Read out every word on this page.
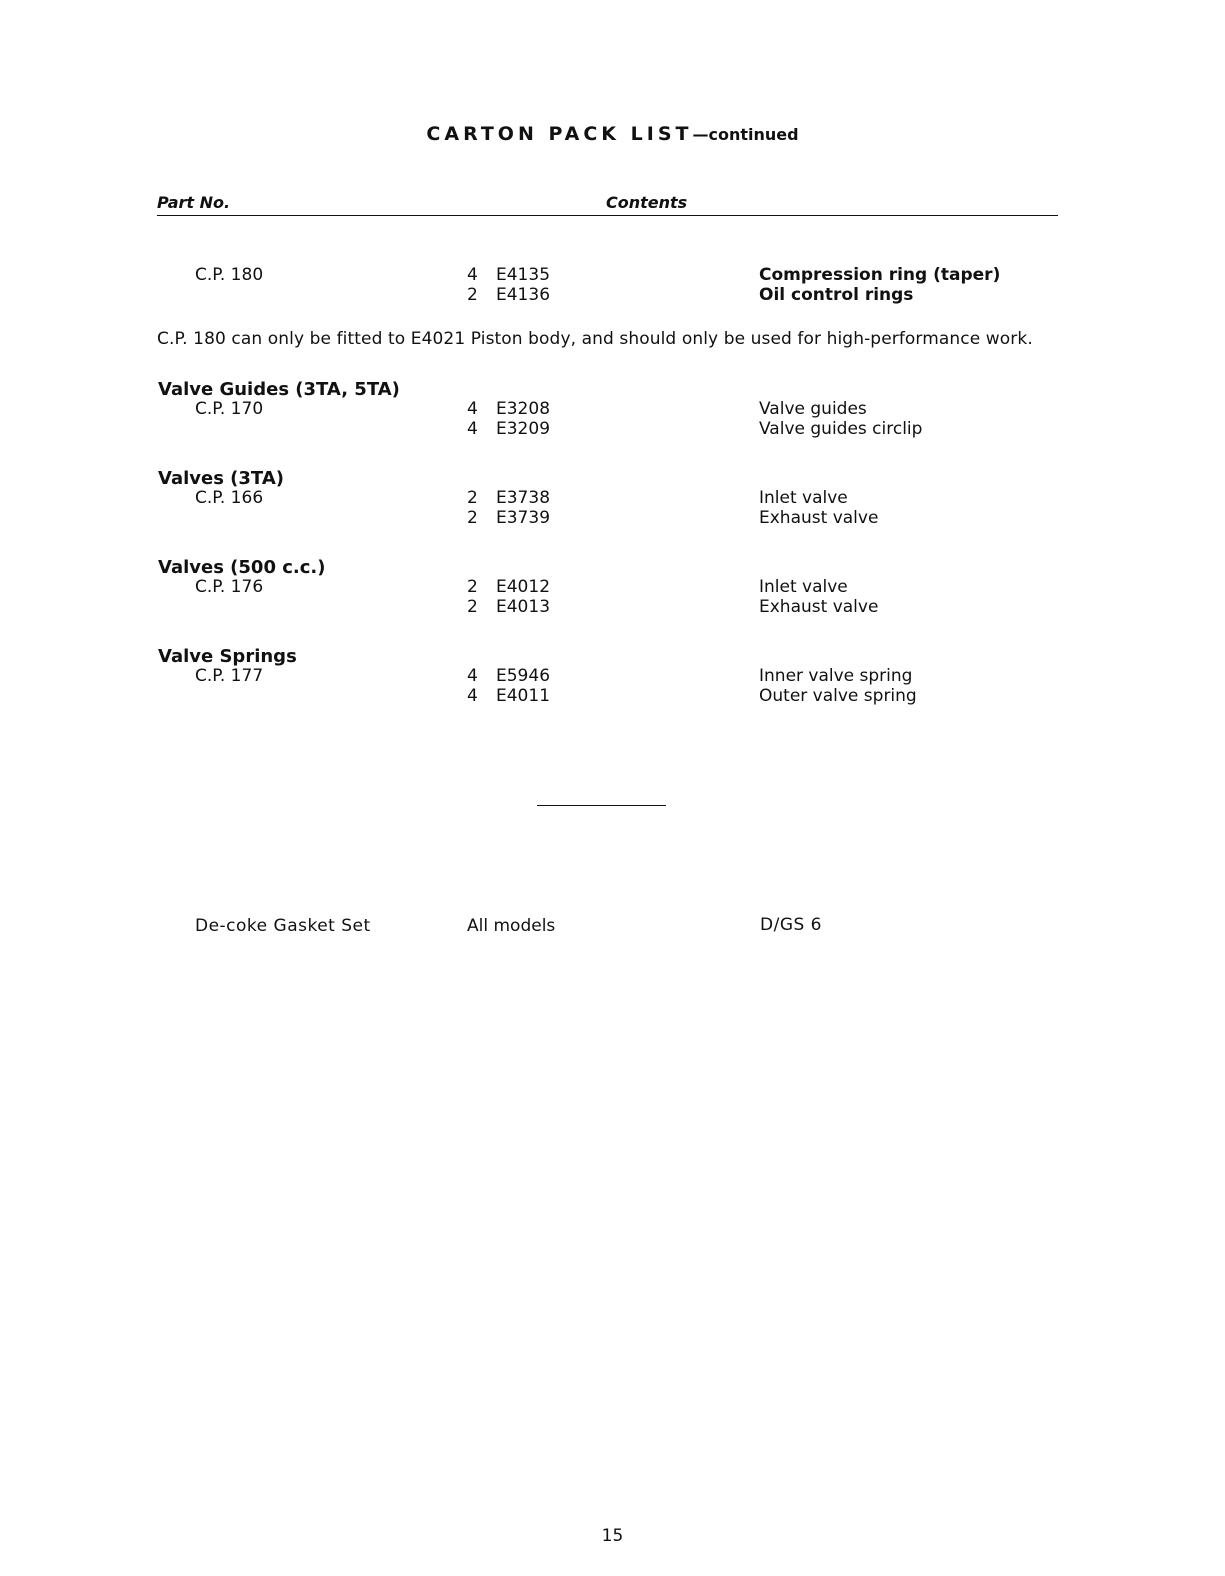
CARTON PACK LIST—continued
Part No.	Contents
C.P. 180	4 E4135	Compression ring (taper)
2 E4136	Oil control rings
C.P. 180 can only be fitted to E4021 Piston body, and should only be used for high-performance work.
Valve Guides (3TA, 5TA)
C.P. 170	4 E3208	Valve guides
4 E3209	Valve guides circlip
Valves (3TA)
C.P. 166	2 E3738	Inlet valve
2 E3739	Exhaust valve
Valves (500 c.c.)
C.P. 176	2 E4012	Inlet valve
2 E4013	Exhaust valve
Valve Springs
C.P. 177	4 E5946	Inner valve spring
4 E4011	Outer valve spring
De-coke Gasket Set	All models	D/GS 6
15
